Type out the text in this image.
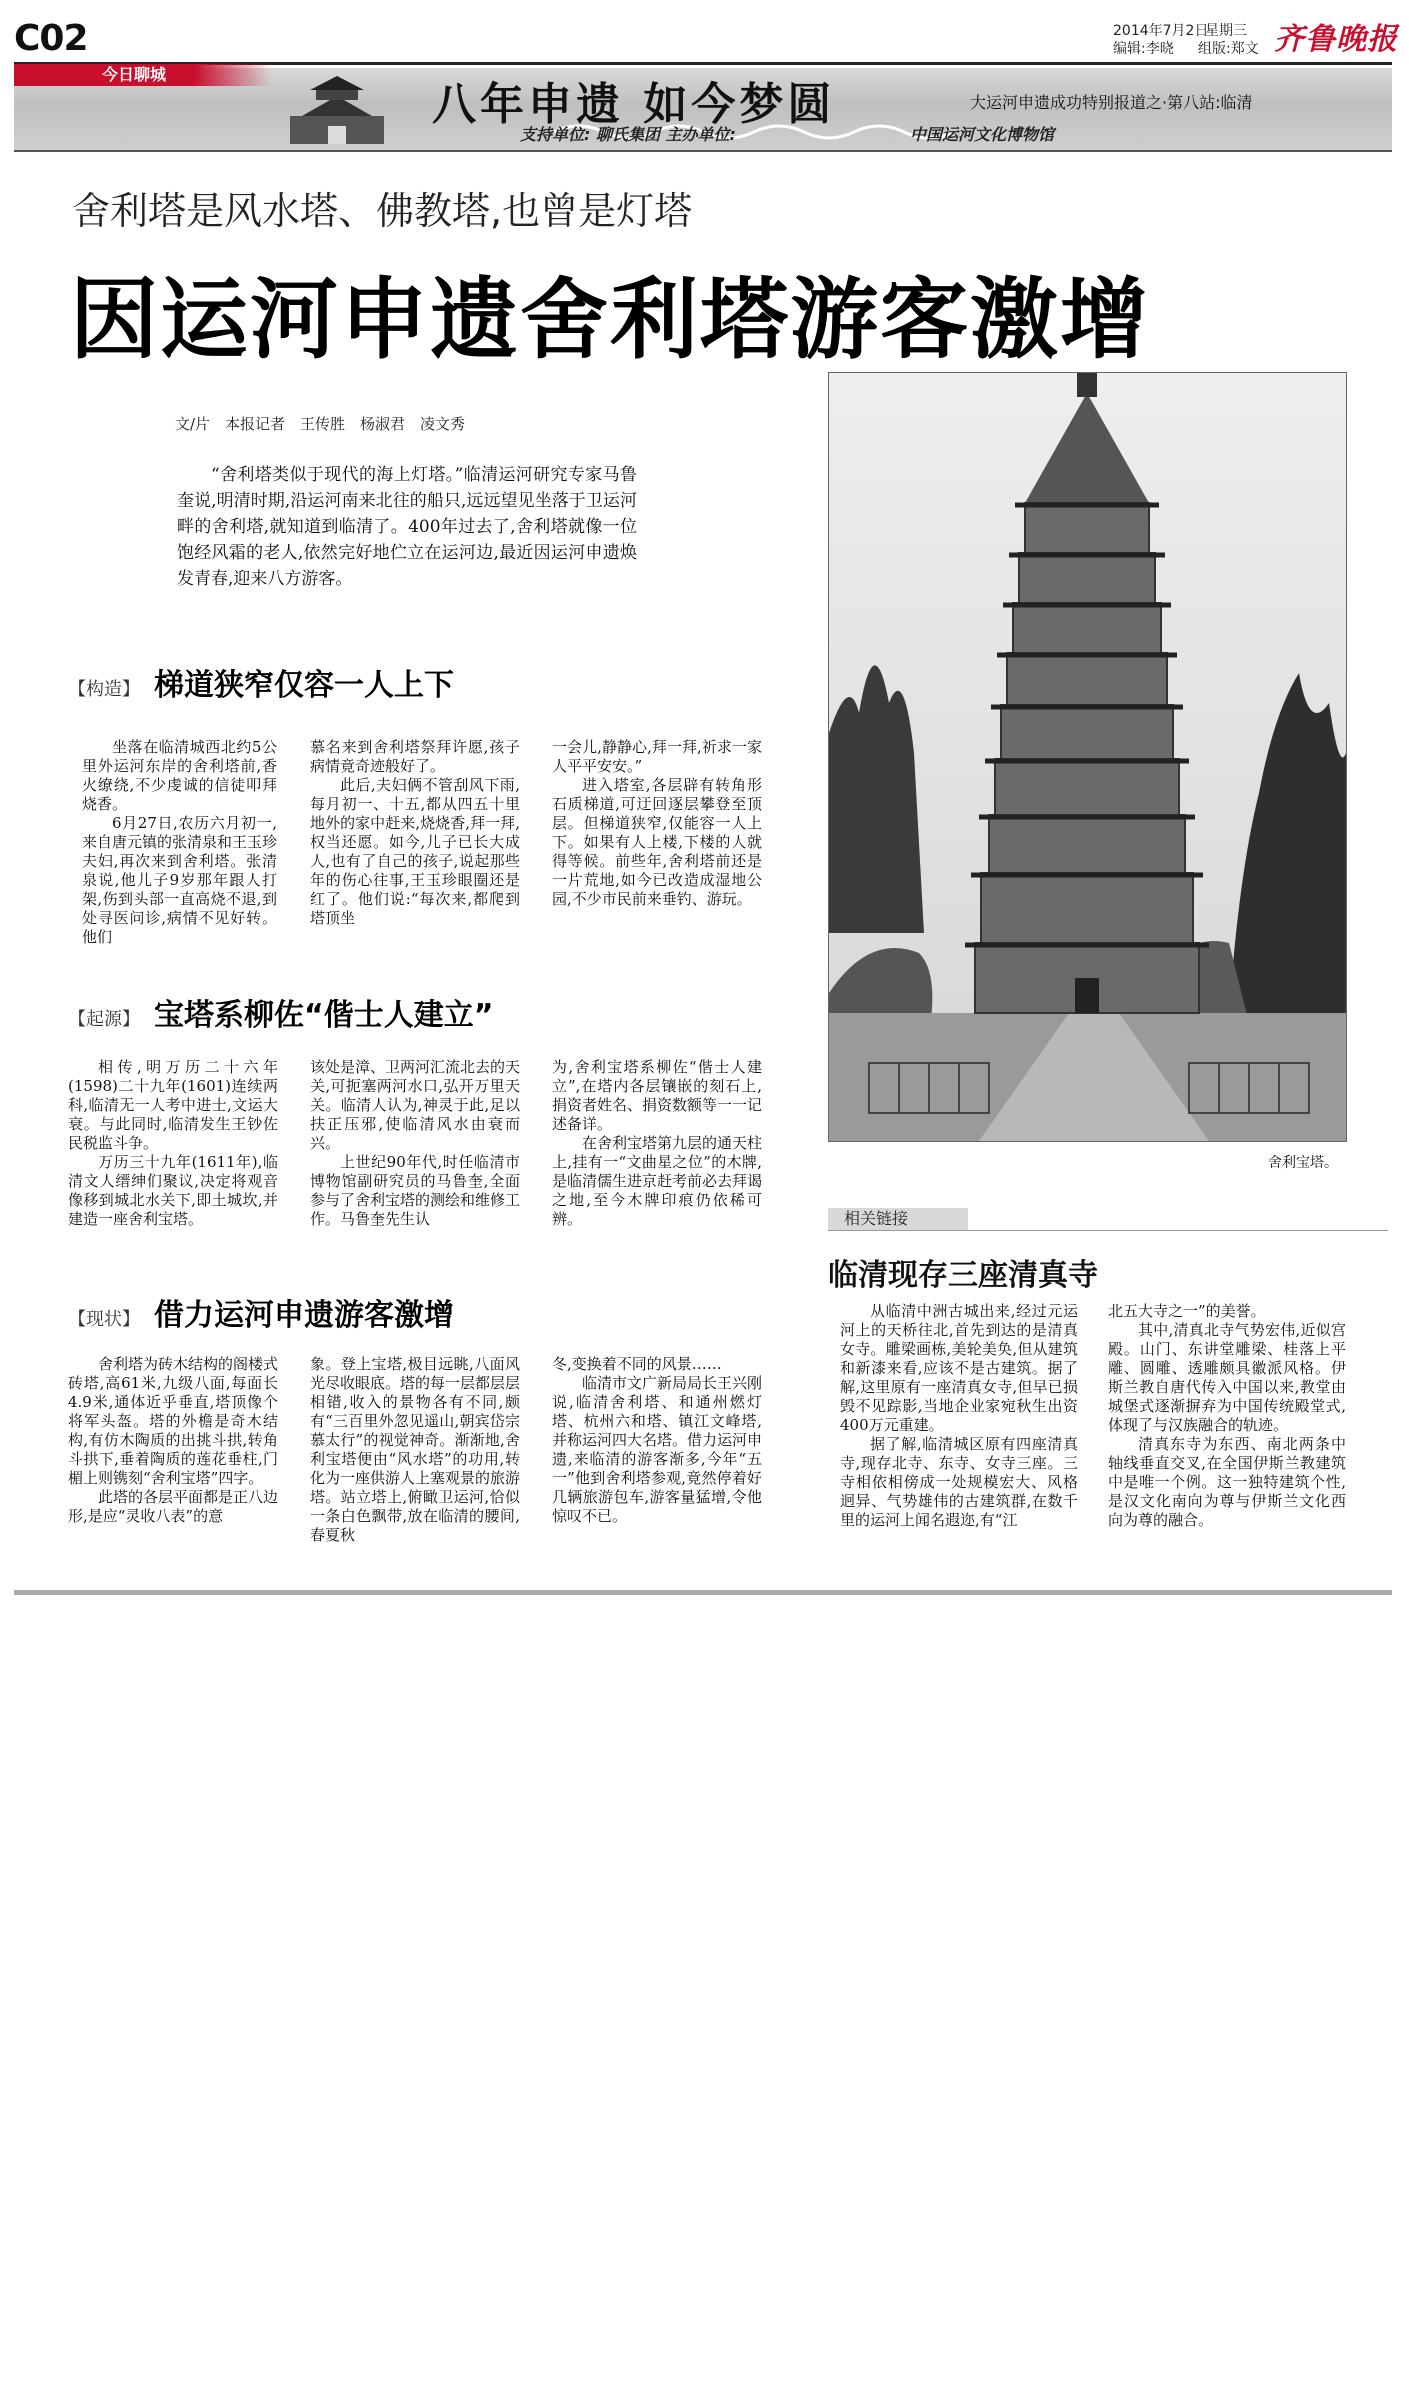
C02	2014年7月2日
星期三
编辑:李晓 组版:郑文 齐鲁晚报
今日聊城
八年申遗 如今梦圆	大运河申遗成功特别报道之·第八站:临清
支持单位: 聊氏集团 主办单位:	中国运河文化博物馆
舍利塔是风水塔、佛教塔,也曾是灯塔
因运河申遗舍利塔游客激增
文/片　本报记者　王传胜　杨淑君　凌文秀
“舍利塔类似于现代的海上灯塔。”临清运河研究专家马鲁奎说,明清时期,沿运河南来北往的船只,远远望见坐落于卫运河畔的舍利塔,就知道到临清了。400年过去了,舍利塔就像一位饱经风霜的老人,依然完好地伫立在运河边,最近因运河申遗焕发青春,迎来八方游客。
【构造】 梯道狭窄仅容一人上下

坐落在临清城西北约5公里外运河东岸的舍利塔前,香火缭绕,不少虔诚的信徒叩拜烧香。

6月27日,农历六月初一,来自唐元镇的张清泉和王玉珍夫妇,再次来到舍利塔。张清泉说,他儿子9岁那年跟人打架,伤到头部一直高烧不退,到处寻医问诊,病情不见好转。他们

慕名来到舍利塔祭拜许愿,孩子病情竟奇迹般好了。

此后,夫妇俩不管刮风下雨,每月初一、十五,都从四五十里地外的家中赶来,烧烧香,拜一拜,权当还愿。如今,儿子已长大成人,也有了自己的孩子,说起那些年的伤心往事,王玉珍眼圈还是红了。他们说:“每次来,都爬到塔顶坐

一会儿,静静心,拜一拜,祈求一家人平平安安。”

进入塔室,各层辟有转角形石质梯道,可迂回逐层攀登至顶层。但梯道狭窄,仅能容一人上下。如果有人上楼,下楼的人就得等候。前些年,舍利塔前还是一片荒地,如今已改造成湿地公园,不少市民前来垂钓、游玩。

【起源】 宝塔系柳佐“偕士人建立”

相传,明万历二十六年(1598)二十九年(1601)连续两科,临清无一人考中进士,文运大衰。与此同时,临清发生王钞佐民税监斗争。

万历三十九年(1611年),临清文人缙绅们聚议,决定将观音像移到城北水关下,即土城坎,并建造一座舍利宝塔。

该处是漳、卫两河汇流北去的天关,可扼塞两河水口,弘开万里天关。临清人认为,神灵于此,足以扶正压邪,使临清风水由衰而兴。

上世纪90年代,时任临清市博物馆副研究员的马鲁奎,全面参与了舍利宝塔的测绘和维修工作。马鲁奎先生认

为,舍利宝塔系柳佐“偕士人建立”,在塔内各层镶嵌的刻石上,捐资者姓名、捐资数额等一一记述备详。

在舍利宝塔第九层的通天柱上,挂有一“文曲星之位”的木牌,是临清儒生进京赶考前必去拜谒之地,至今木牌印痕仍依稀可辨。

【现状】 借力运河申遗游客激增

舍利塔为砖木结构的阁楼式砖塔,高61米,九级八面,每面长4.9米,通体近乎垂直,塔顶像个将军头盔。塔的外檐是奇木结构,有仿木陶质的出挑斗拱,转角斗拱下,垂着陶质的莲花垂柱,门楣上则镌刻“舍利宝塔”四字。

此塔的各层平面都是正八边形,是应“灵收八表”的意

象。登上宝塔,极目远眺,八面风光尽收眼底。塔的每一层都层层相错,收入的景物各有不同,颇有“三百里外忽见遥山,朝宾岱宗慕太行”的视觉神奇。渐渐地,舍利宝塔便由“风水塔”的功用,转化为一座供游人上塞观景的旅游塔。站立塔上,俯瞰卫运河,恰似一条白色飘带,放在临清的腰间,春夏秋

冬,变换着不同的风景……

临清市文广新局局长王兴刚说,临清舍利塔、和通州燃灯塔、杭州六和塔、镇江文峰塔,并称运河四大名塔。借力运河申遗,来临清的游客渐多,今年“五一”他到舍利塔参观,竟然停着好几辆旅游包车,游客量猛增,令他惊叹不已。

舍利宝塔。
相关链接
临清现存三座清真寺

从临清中洲古城出来,经过元运河上的天桥往北,首先到达的是清真女寺。雕梁画栋,美轮美奂,但从建筑和新漆来看,应该不是古建筑。据了解,这里原有一座清真女寺,但早已损毁不见踪影,当地企业家宛秋生出资400万元重建。

据了解,临清城区原有四座清真寺,现存北寺、东寺、女寺三座。三寺相依相傍成一处规模宏大、风格迥异、气势雄伟的古建筑群,在数千里的运河上闻名遐迩,有“江

北五大寺之一”的美誉。

其中,清真北寺气势宏伟,近似宫殿。山门、东讲堂雕梁、桂落上平雕、圆雕、透雕颇具徽派风格。伊斯兰教自唐代传入中国以来,教堂由城堡式逐渐摒弃为中国传统殿堂式,体现了与汉族融合的轨迹。

清真东寺为东西、南北两条中轴线垂直交叉,在全国伊斯兰教建筑中是唯一个例。这一独特建筑个性,是汉文化南向为尊与伊斯兰文化西向为尊的融合。
